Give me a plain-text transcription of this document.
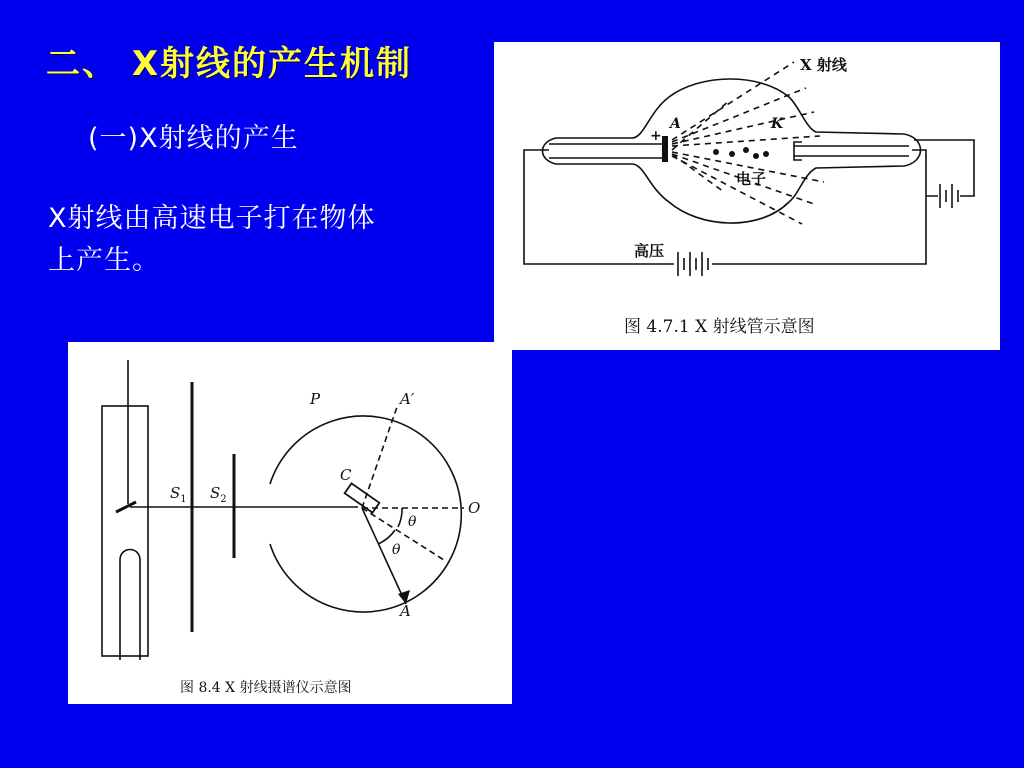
二、 X射线的产生机制
(一)X射线的产生
X射线由高速电子打在物体
上产生。
X 射线
+
A	K
电子
高压
图 4.7.1 X 射线管示意图
P	A′
C
$S_1$ $S_2$	O
θ
θ
A
图 8.4 X 射线摄谱仪示意图
